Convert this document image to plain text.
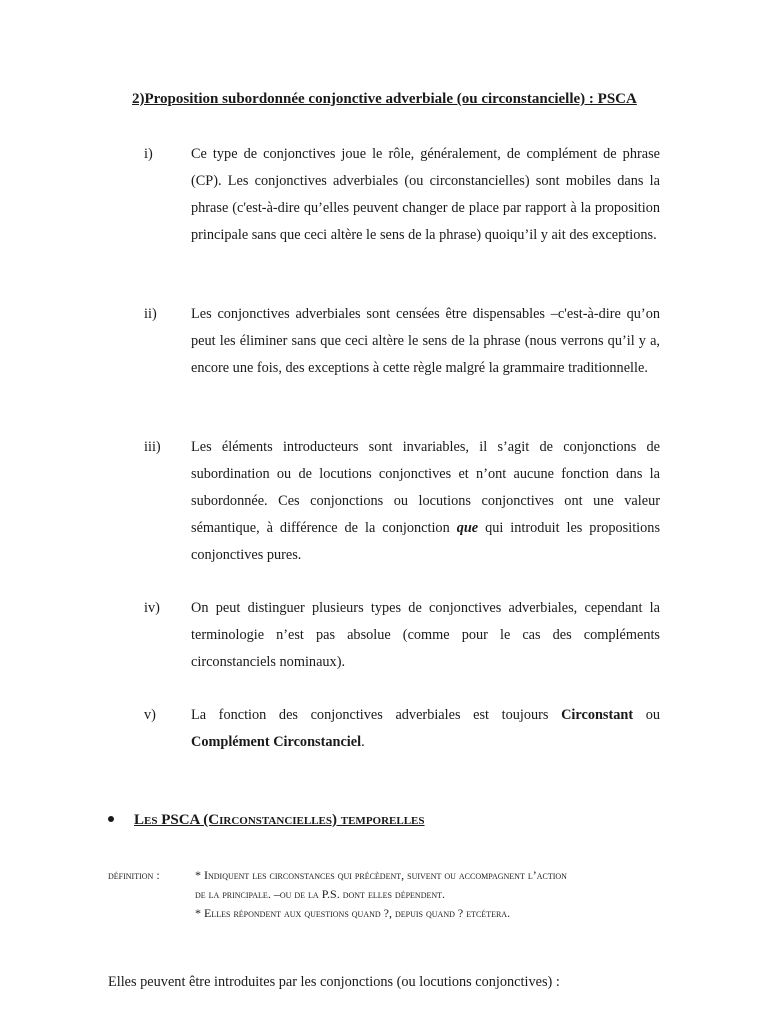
2)Proposition subordonnée conjonctive adverbiale (ou circonstancielle) : PSCA
i)	Ce type de conjonctives joue le rôle, généralement, de complément de phrase (CP). Les conjonctives adverbiales (ou circonstancielles) sont mobiles dans la phrase (c'est-à-dire qu’elles peuvent changer de place par rapport à la proposition principale sans que ceci altère le sens de la phrase) quoiqu’il y ait des exceptions.
ii) Les conjonctives adverbiales sont censées être dispensables –c'est-à-dire qu’on peut les éliminer sans que ceci altère le sens de la phrase (nous verrons qu’il y a, encore une fois, des exceptions à cette règle malgré la grammaire traditionnelle.
iii) Les éléments introducteurs sont invariables, il s’agit de conjonctions de subordination ou de locutions conjonctives et n’ont aucune fonction dans la subordonnée. Ces conjonctions ou locutions conjonctives ont une valeur sémantique, à différence de la conjonction que qui introduit les propositions conjonctives pures.
iv) On peut distinguer plusieurs types de conjonctives adverbiales, cependant la terminologie n’est pas absolue (comme pour le cas des compléments circonstanciels nominaux).
v) La fonction des conjonctives adverbiales est toujours Circonstant ou Complément Circonstanciel.
Les PSCA (Circonstancielles) temporelles
définition :	* Indiquent les circonstances qui précèdent, suivent ou accompagnent l’action
de la principale. –ou de la P.S. dont elles dépendent.
* Elles répondent aux questions quand ?, depuis quand ? etcétera.
Elles peuvent être introduites par les conjonctions (ou locutions conjonctives) :
